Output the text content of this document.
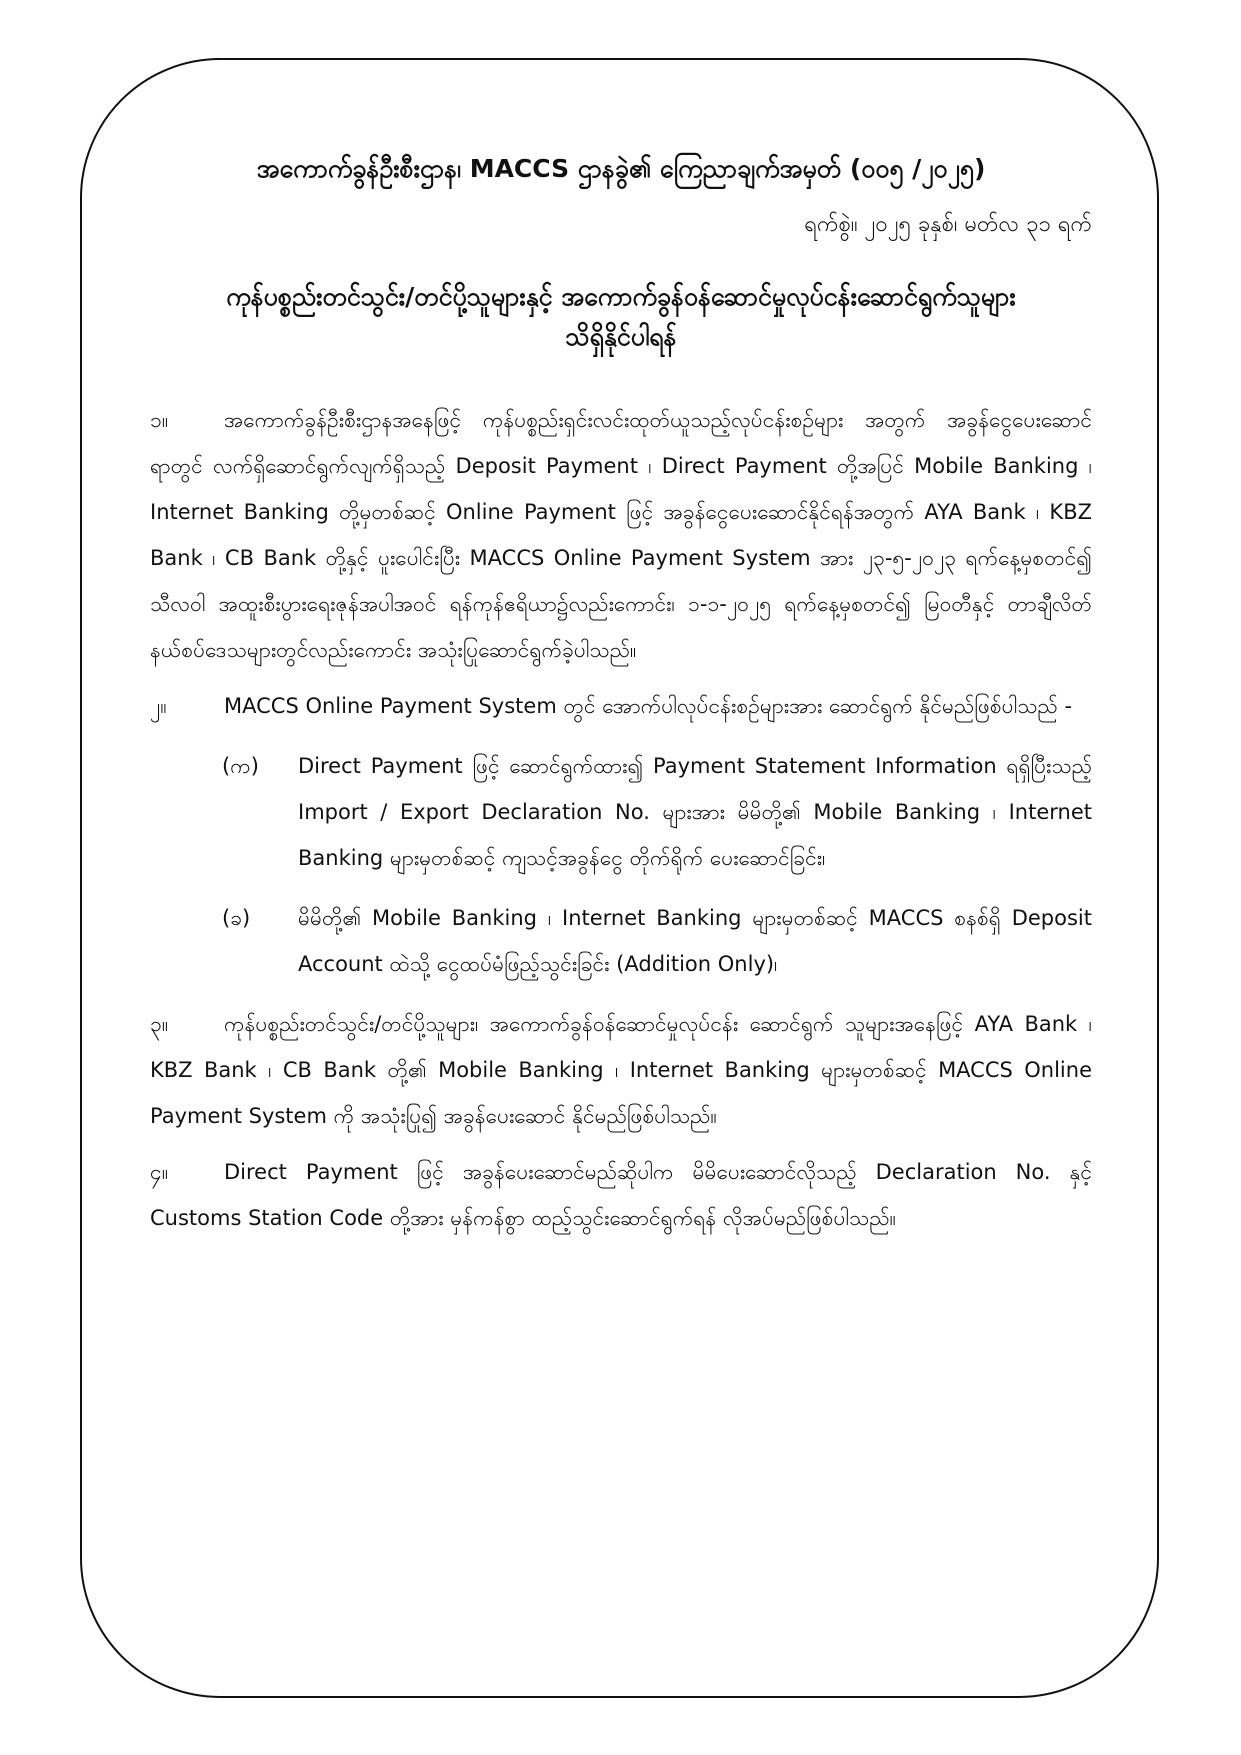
အကောက်ခွန်ဦးစီးဌာန၊ MACCS ဌာနခွဲ၏ ကြေညာချက်အမှတ် (၀၀၅ /၂၀၂၅)
ရက်စွဲ။ ၂၀၂၅ ခုနှစ်၊ မတ်လ ၃၁ ရက်
ကုန်ပစ္စည်းတင်သွင်း/တင်ပို့သူများနှင့် အကောက်ခွန်ဝန်ဆောင်မှုလုပ်ငန်းဆောင်ရွက်သူများ
သိရှိနိုင်ပါရန်

၁။	အကောက်ခွန်ဦးစီးဌာနအနေဖြင့် ကုန်ပစ္စည်းရှင်းလင်းထုတ်ယူသည့်လုပ်ငန်းစဉ်များ အတွက် အခွန်ငွေပေးဆောင်ရာတွင် လက်ရှိဆောင်ရွက်လျက်ရှိသည့် Deposit Payment ၊ Direct Payment တို့အပြင် Mobile Banking ၊ Internet Banking တို့မှတစ်ဆင့် Online Payment ဖြင့် အခွန်ငွေပေးဆောင်နိုင်ရန်အတွက် AYA Bank ၊ KBZ Bank ၊ CB Bank တို့နှင့် ပူးပေါင်းပြီး MACCS Online Payment System အား ၂၃-၅-၂၀၂၃ ရက်နေ့မှစတင်၍ သီလဝါ အထူးစီးပွားရေးဇုန်အပါအဝင် ရန်ကုန်ဧရိယာ၌လည်းကောင်း၊ ၁-၁-၂၀၂၅ ရက်နေ့မှစတင်၍ မြဝတီနှင့် တာချီလိတ်နယ်စပ်ဒေသများတွင်လည်းကောင်း အသုံးပြုဆောင်ရွက်ခဲ့ပါသည်။

၂။	MACCS Online Payment System တွင် အောက်ပါလုပ်ငန်းစဉ်များအား ဆောင်ရွက် နိုင်မည်ဖြစ်ပါသည် -

(က)	Direct Payment ဖြင့် ဆောင်ရွက်ထား၍ Payment Statement Information ရရှိပြီးသည့် Import / Export Declaration No. များအား မိမိတို့၏ Mobile Banking ၊ Internet Banking များမှတစ်ဆင့် ကျသင့်အခွန်ငွေ တိုက်ရိုက် ပေးဆောင်ခြင်း၊
(ခ)	မိမိတို့၏ Mobile Banking ၊ Internet Banking များမှတစ်ဆင့် MACCS စနစ်ရှိ Deposit Account ထဲသို့ ငွေထပ်မံဖြည့်သွင်းခြင်း (Addition Only)၊

၃။	ကုန်ပစ္စည်းတင်သွင်း/တင်ပို့သူများ၊ အကောက်ခွန်ဝန်ဆောင်မှုလုပ်ငန်း ဆောင်ရွက် သူများအနေဖြင့် AYA Bank ၊ KBZ Bank ၊ CB Bank တို့၏ Mobile Banking ၊ Internet Banking များမှတစ်ဆင့် MACCS Online Payment System ကို အသုံးပြု၍ အခွန်ပေးဆောင် နိုင်မည်ဖြစ်ပါသည်။

၄။	Direct Payment ဖြင့် အခွန်ပေးဆောင်မည်ဆိုပါက မိမိပေးဆောင်လိုသည့် Declaration No. နှင့် Customs Station Code တို့အား မှန်ကန်စွာ ထည့်သွင်းဆောင်ရွက်ရန် လိုအပ်မည်ဖြစ်ပါသည်။
